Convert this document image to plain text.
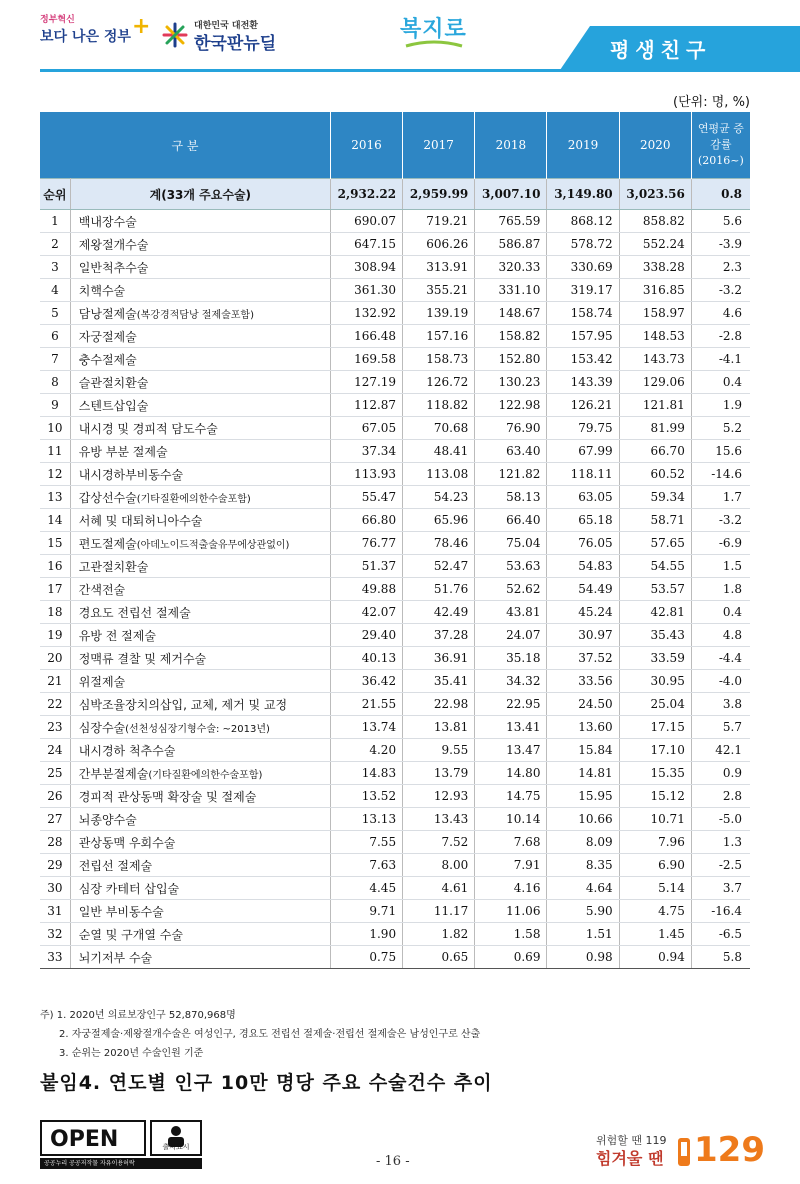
정부혁신
보다 나은 정부 +	대한민국 대전환
한국판뉴딜
복지로
평생친구
(단위: 명, %)
구 분		2016	2017	2018	2019	2020	연평균 증감률 (2016~)
순위	계(33개 주요수술)	2,932.22	2,959.99	3,007.10	3,149.80	3,023.56	0.8
1	백내장수술	690.07	719.21	765.59	868.12	858.82	5.6
2	제왕절개수술	647.15	606.26	586.87	578.72	552.24	-3.9
3	일반척추수술	308.94	313.91	320.33	330.69	338.28	2.3
4	치핵수술	361.30	355.21	331.10	319.17	316.85	-3.2
5	담낭절제술(복강경적담낭 절제술포함)	132.92	139.19	148.67	158.74	158.97	4.6
6	자궁절제술	166.48	157.16	158.82	157.95	148.53	-2.8
7	충수절제술	169.58	158.73	152.80	153.42	143.73	-4.1
8	슬관절치환술	127.19	126.72	130.23	143.39	129.06	0.4
9	스텐트삽입술	112.87	118.82	122.98	126.21	121.81	1.9
10	내시경 및 경피적 담도수술	67.05	70.68	76.90	79.75	81.99	5.2
11	유방 부분 절제술	37.34	48.41	63.40	67.99	66.70	15.6
12	내시경하부비동수술	113.93	113.08	121.82	118.11	60.52	-14.6
13	갑상선수술(기타질환에의한수술포함)	55.47	54.23	58.13	63.05	59.34	1.7
14	서혜 및 대퇴허니아수술	66.80	65.96	66.40	65.18	58.71	-3.2
15	편도절제술(아데노이드적출술유무에상관없이)	76.77	78.46	75.04	76.05	57.65	-6.9
16	고관절치환술	51.37	52.47	53.63	54.83	54.55	1.5
17	간색전술	49.88	51.76	52.62	54.49	53.57	1.8
18	경요도 전립선 절제술	42.07	42.49	43.81	45.24	42.81	0.4
19	유방 전 절제술	29.40	37.28	24.07	30.97	35.43	4.8
20	정맥류 결찰 및 제거수술	40.13	36.91	35.18	37.52	33.59	-4.4
21	위절제술	36.42	35.41	34.32	33.56	30.95	-4.0
22	심박조율장치의삽입, 교체, 제거 및 교정	21.55	22.98	22.95	24.50	25.04	3.8
23	심장수술(선천성심장기형수술: ~2013년)	13.74	13.81	13.41	13.60	17.15	5.7
24	내시경하 척추수술	4.20	9.55	13.47	15.84	17.10	42.1
25	간부분절제술(기타질환에의한수술포함)	14.83	13.79	14.80	14.81	15.35	0.9
26	경피적 관상동맥 확장술 및 절제술	13.52	12.93	14.75	15.95	15.12	2.8
27	뇌종양수술	13.13	13.43	10.14	10.66	10.71	-5.0
28	관상동맥 우회수술	7.55	7.52	7.68	8.09	7.96	1.3
29	전립선 절제술	7.63	8.00	7.91	8.35	6.90	-2.5
30	심장 카테터 삽입술	4.45	4.61	4.16	4.64	5.14	3.7
31	일반 부비동수술	9.71	11.17	11.06	5.90	4.75	-16.4
32	순열 및 구개열 수술	1.90	1.82	1.58	1.51	1.45	-6.5
33	뇌기저부 수술	0.75	0.65	0.69	0.98	0.94	5.8
주) 1. 2020년 의료보장인구 52,870,968명
2. 자궁절제술·제왕절개수술은 여성인구, 경요도 전립선 절제술·전립선 절제술은 남성인구로 산출
3. 순위는 2020년 수술인원 기준
붙임4. 연도별 인구 10만 명당 주요 수술건수 추이
OPEN	출처표시
공공누리 공공저작물 자유이용허락	- 16 -
위험할 땐 119
힘겨울 땐 129
